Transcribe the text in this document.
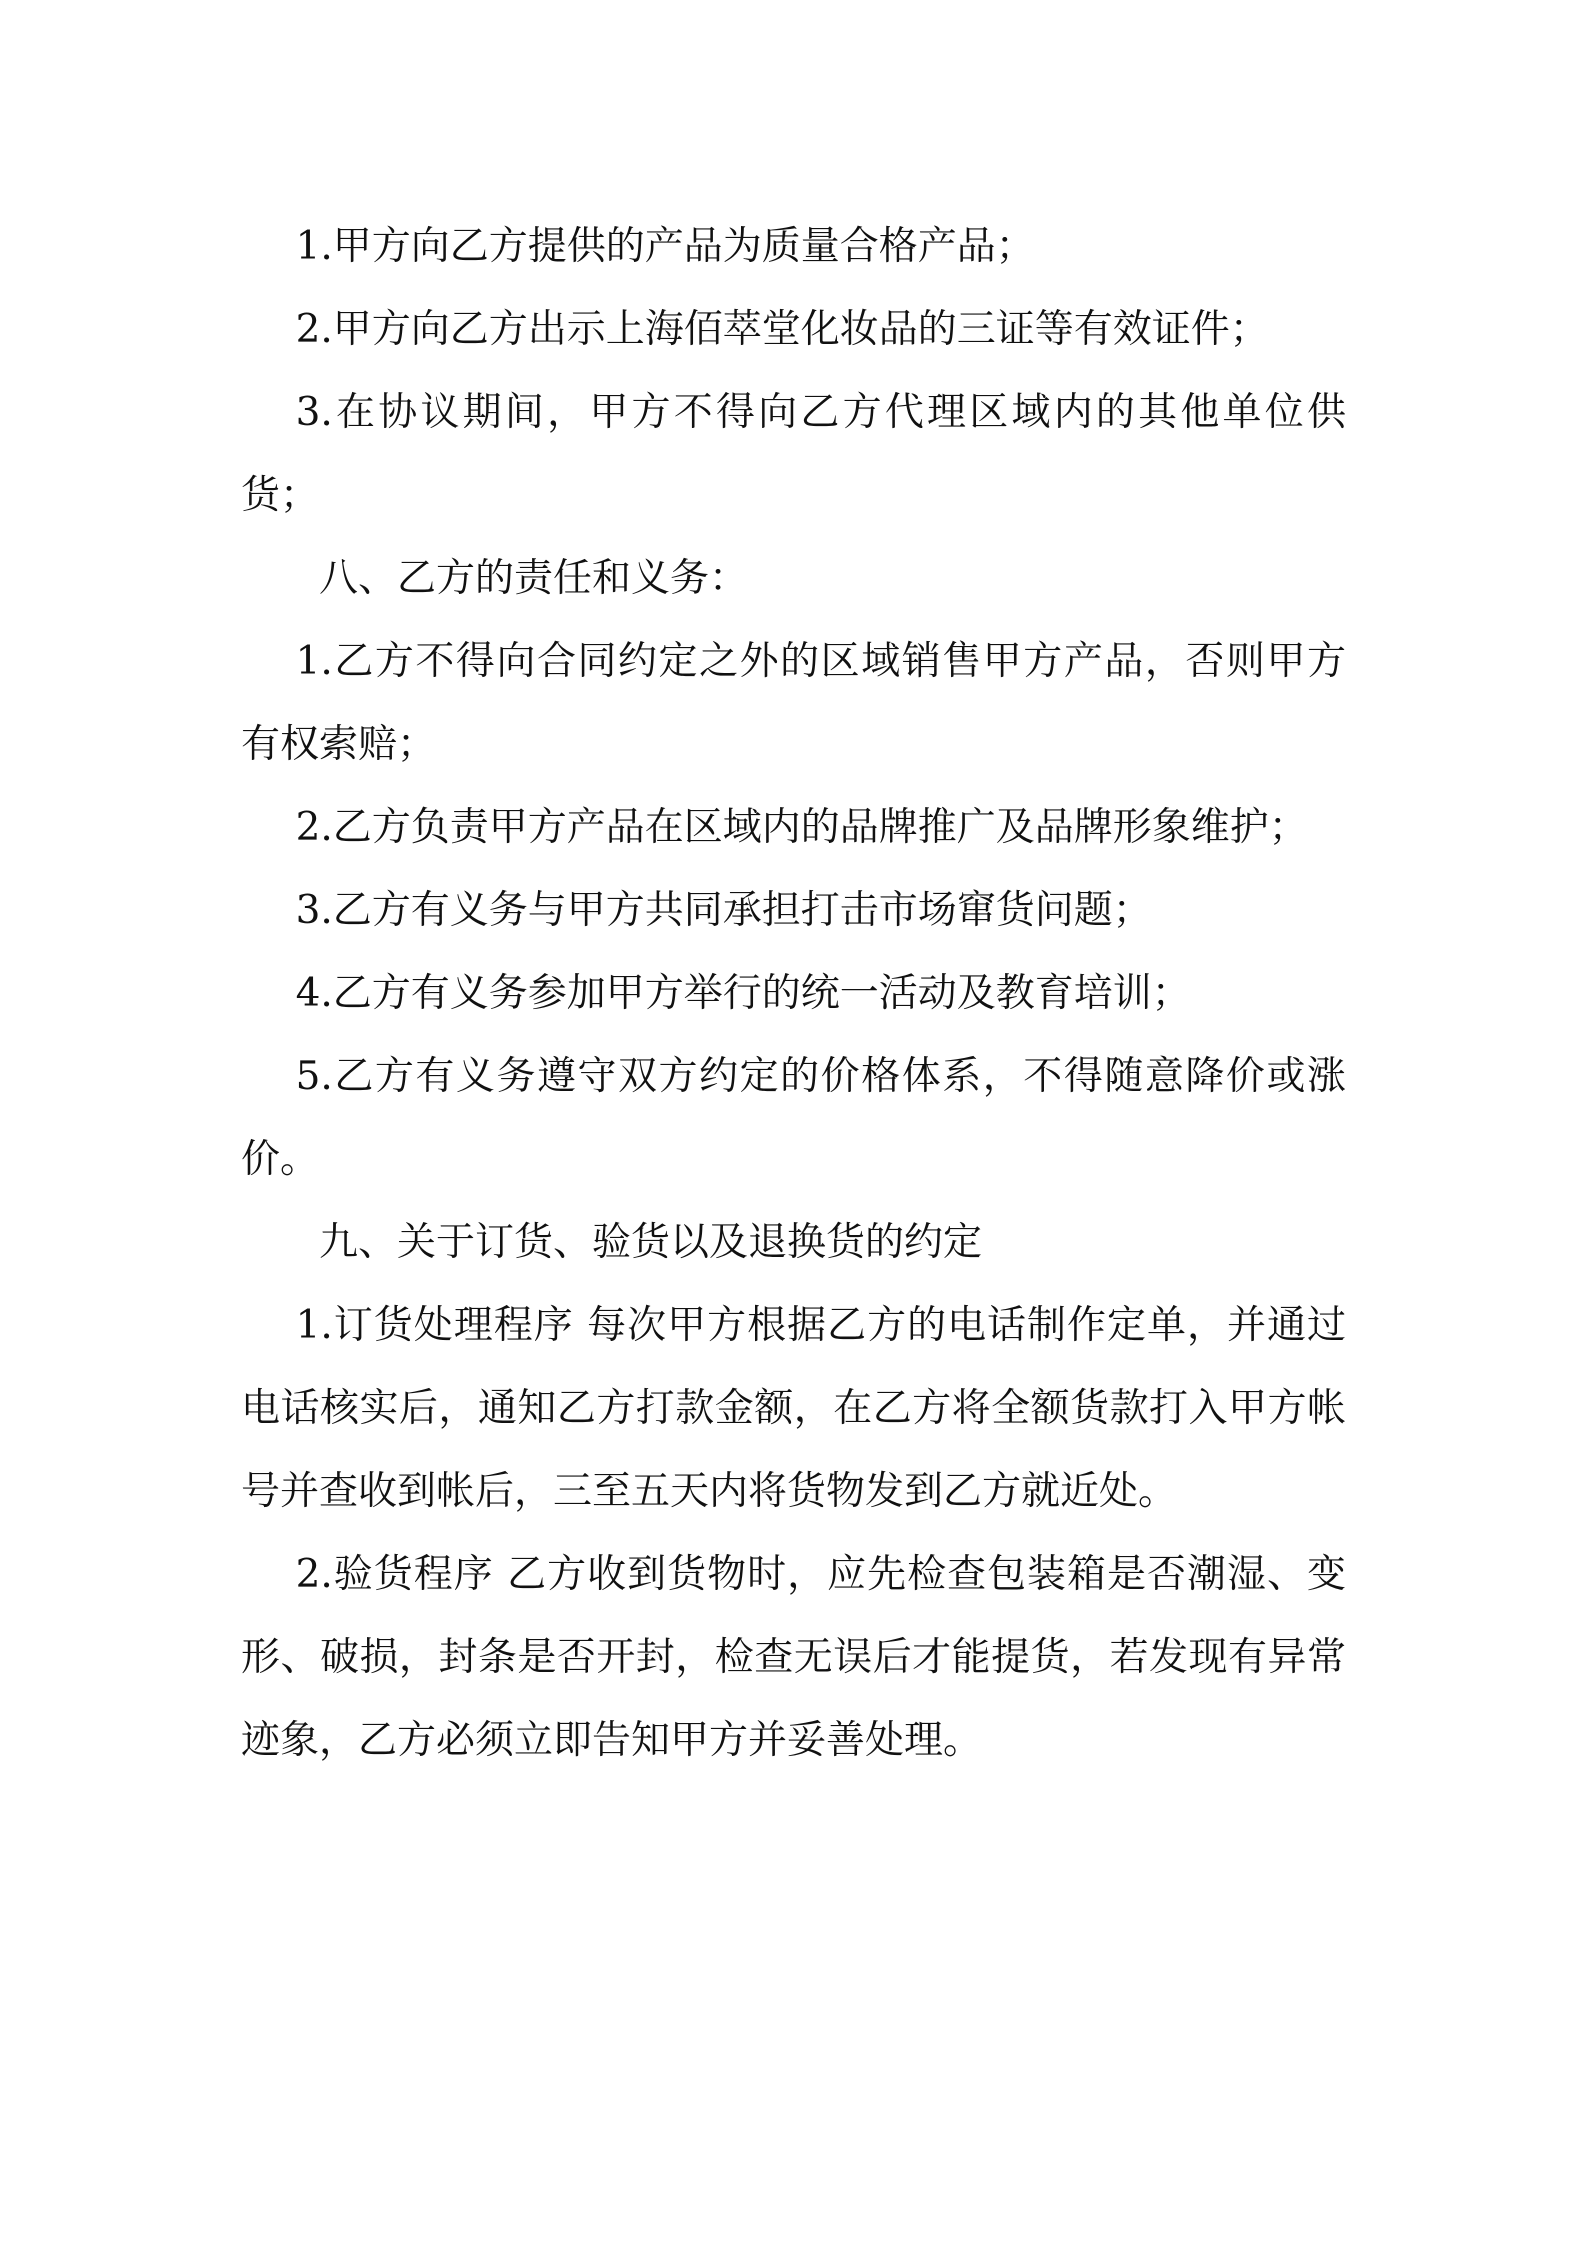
1.甲方向乙方提供的产品为质量合格产品；

2.甲方向乙方出示上海佰萃堂化妆品的三证等有效证件；

3.在协议期间，甲方不得向乙方代理区域内的其他单位供货；

八、乙方的责任和义务：

1.乙方不得向合同约定之外的区域销售甲方产品，否则甲方有权索赔；

2.乙方负责甲方产品在区域内的品牌推广及品牌形象维护；

3.乙方有义务与甲方共同承担打击市场窜货问题；

4.乙方有义务参加甲方举行的统一活动及教育培训；

5.乙方有义务遵守双方约定的价格体系，不得随意降价或涨价。

九、关于订货、验货以及退换货的约定

1.订货处理程序 每次甲方根据乙方的电话制作定单，并通过电话核实后，通知乙方打款金额，在乙方将全额货款打入甲方帐号并查收到帐后，三至五天内将货物发到乙方就近处。

2.验货程序 乙方收到货物时，应先检查包装箱是否潮湿、变形、破损，封条是否开封，检查无误后才能提货，若发现有异常迹象，乙方必须立即告知甲方并妥善处理。
